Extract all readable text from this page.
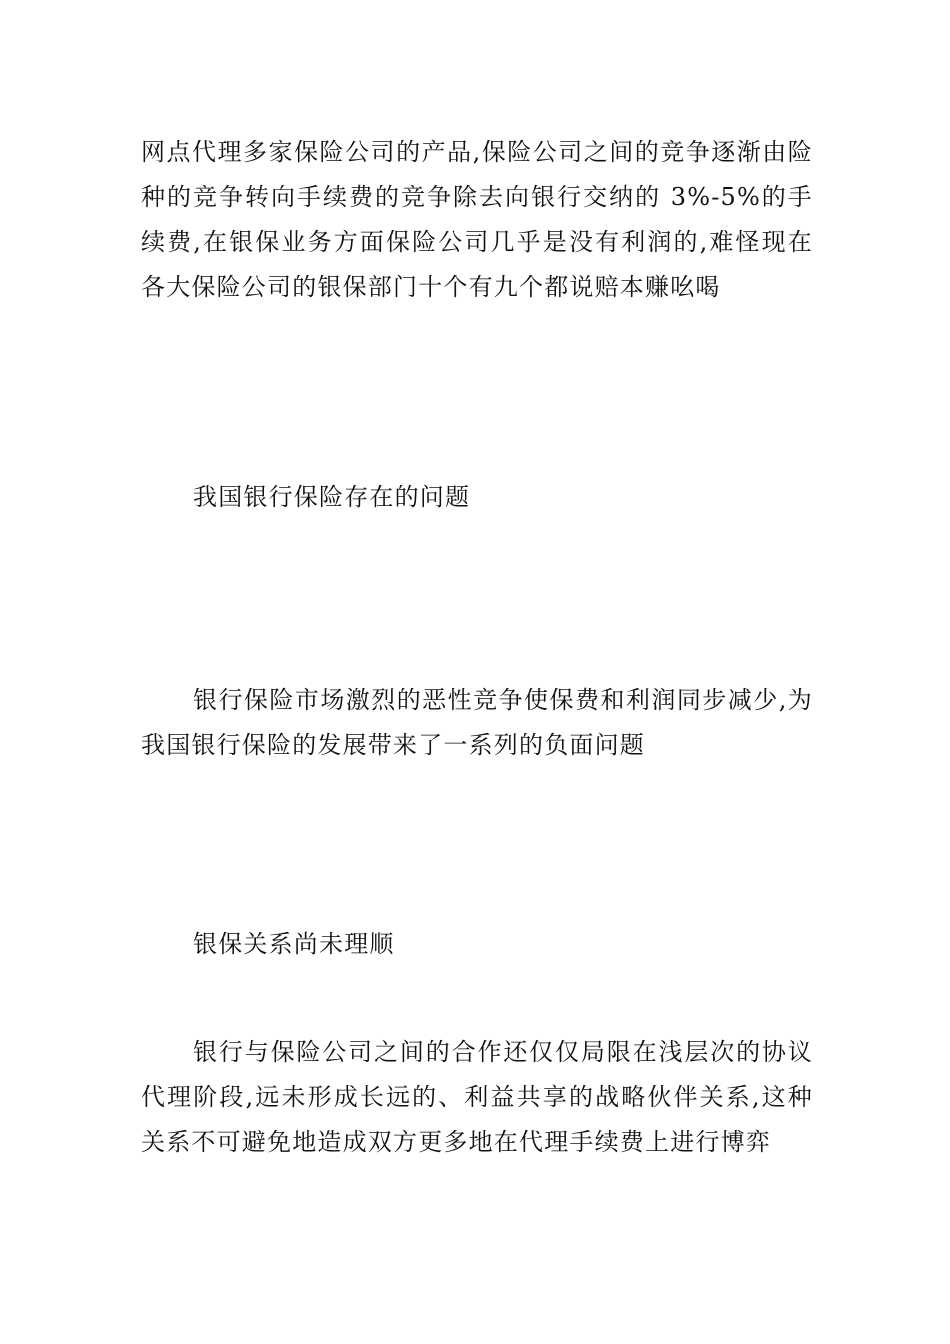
网点代理多家保险公司的产品,保险公司之间的竞争逐渐由险种的竞争转向手续费的竞争除去向银行交纳的 3%-5%的手续费,在银保业务方面保险公司几乎是没有利润的,难怪现在各大保险公司的银保部门十个有九个都说赔本赚吆喝

我国银行保险存在的问题

银行保险市场激烈的恶性竞争使保费和利润同步减少,为我国银行保险的发展带来了一系列的负面问题

银保关系尚未理顺

银行与保险公司之间的合作还仅仅局限在浅层次的协议代理阶段,远未形成长远的、利益共享的战略伙伴关系,这种关系不可避免地造成双方更多地在代理手续费上进行博弈
